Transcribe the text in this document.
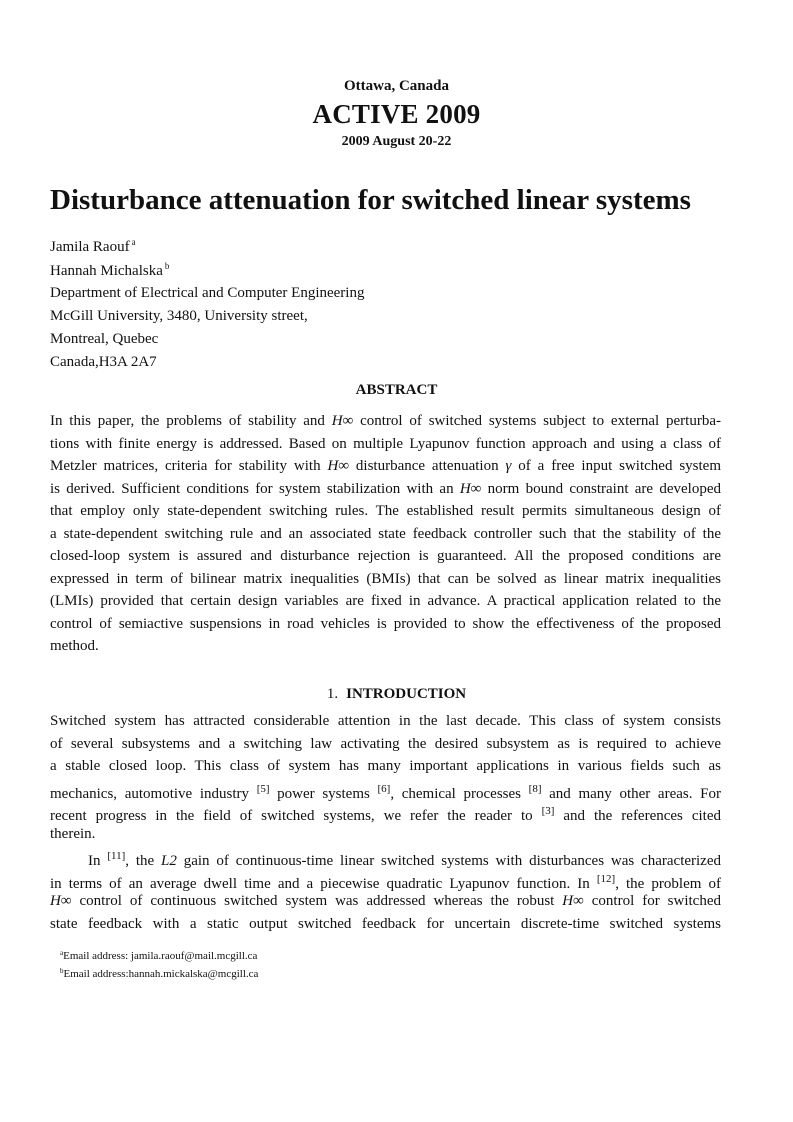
Ottawa, Canada
ACTIVE 2009
2009 August 20-22
Disturbance attenuation for switched linear systems
Jamila Raouf $^a$
Hannah Michalska $^b$
Department of Electrical and Computer Engineering
McGill University, 3480, University street,
Montreal, Quebec
Canada,H3A 2A7
ABSTRACT
In this paper, the problems of stability and H∞ control of switched systems subject to external perturba-
tions with finite energy is addressed. Based on multiple Lyapunov function approach and using a class of
Metzler matrices, criteria for stability with H∞ disturbance attenuation γ of a free input switched system
is derived. Sufficient conditions for system stabilization with an H∞ norm bound constraint are developed
that employ only state-dependent switching rules. The established result permits simultaneous design of
a state-dependent switching rule and an associated state feedback controller such that the stability of the
closed-loop system is assured and disturbance rejection is guaranteed. All the proposed conditions are
expressed in term of bilinear matrix inequalities (BMIs) that can be solved as linear matrix inequalities
(LMIs) provided that certain design variables are fixed in advance. A practical application related to the
control of semiactive suspensions in road vehicles is provided to show the effectiveness of the proposed
method.
1. INTRODUCTION
Switched system has attracted considerable attention in the last decade. This class of system consists
of several subsystems and a switching law activating the desired subsystem as is required to achieve
a stable closed loop. This class of system has many important applications in various fields such as
mechanics, automotive industry [5] power systems [6], chemical processes [8] and many other areas. For
recent progress in the field of switched systems, we refer the reader to [3] and the references cited
therein.
In [11], the L2 gain of continuous-time linear switched systems with disturbances was characterized
in terms of an average dwell time and a piecewise quadratic Lyapunov function. In [12], the problem of
H∞ control of continuous switched system was addressed whereas the robust H∞ control for switched
state feedback with a static output switched feedback for uncertain discrete-time switched systems
$^a$Email address: jamila.raouf@mail.mcgill.ca
$^b$Email address:hannah.mickalska@mcgill.ca
